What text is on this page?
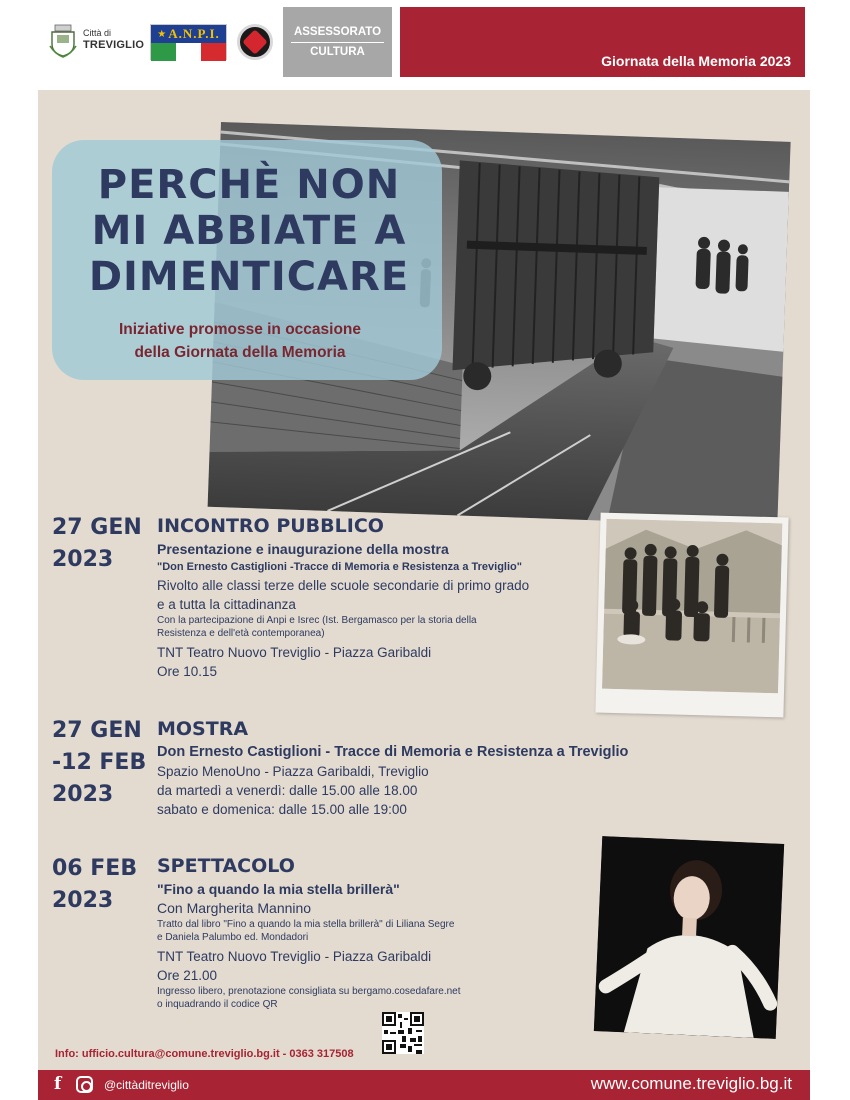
Città di
TREVIGLIO
★ A.N.P.I.	ASSESSORATO
CULTURA
Giornata della Memoria 2023
PERCHÈ NON MI ABBIATE A DIMENTICARE
Iniziative promosse in occasione
della Giornata della Memoria
27 GEN
2023
INCONTRO PUBBLICO
Presentazione e inaugurazione della mostra
"Don Ernesto Castiglioni -Tracce di Memoria e Resistenza a Treviglio"
Rivolto alle classi terze delle scuole secondarie di primo grado
e a tutta la cittadinanza
Con la partecipazione di Anpi e Isrec (Ist. Bergamasco per la storia della
Resistenza e dell'età contemporanea)
TNT Teatro Nuovo Treviglio - Piazza Garibaldi
Ore 10.15
27 GEN
-12 FEB
2023
MOSTRA
Don Ernesto Castiglioni - Tracce di Memoria e Resistenza a Treviglio
Spazio MenoUno - Piazza Garibaldi, Treviglio
da martedì a venerdì: dalle 15.00 alle 18.00
sabato e domenica: dalle 15.00 alle 19:00
06 FEB
2023
SPETTACOLO
"Fino a quando la mia stella brillerà"
Con Margherita Mannino
Tratto dal libro "Fino a quando la mia stella brillerà" di Liliana Segre
e Daniela Palumbo ed. Mondadori
TNT Teatro Nuovo Treviglio - Piazza Garibaldi
Ore 21.00
Ingresso libero, prenotazione consigliata su bergamo.cosedafare.net
o inquadrando il codice QR
Info: ufficio.cultura@comune.treviglio.bg.it - 0363 317508
f	@cittàditreviglio	www.comune.treviglio.bg.it
